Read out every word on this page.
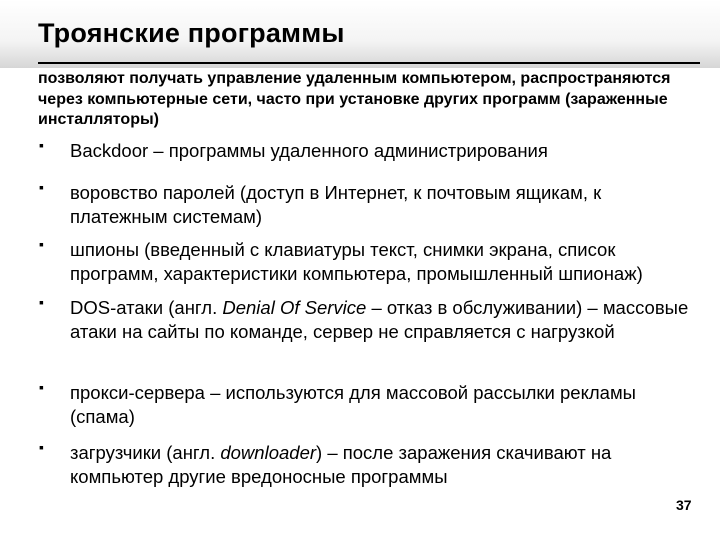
Троянские программы
позволяют получать управление удаленным компьютером, распространяются через компьютерные сети, часто при установке других программ (зараженные инсталляторы)
▪
Backdoor – программы удаленного администрирования
▪
воровство паролей (доступ в Интернет, к почтовым ящикам, к платежным системам)
▪
шпионы (введенный с клавиатуры текст, снимки экрана, список программ, характеристики компьютера, промышленный шпионаж)
▪
DOS-атаки (англ. Denial Of Service – отказ в обслуживании) – массовые атаки на сайты по команде, сервер не справляется с нагрузкой
▪
прокси-сервера – используются для массовой рассылки рекламы (спама)
▪
загрузчики (англ. downloader) – после заражения скачивают на компьютер другие вредоносные программы
37
